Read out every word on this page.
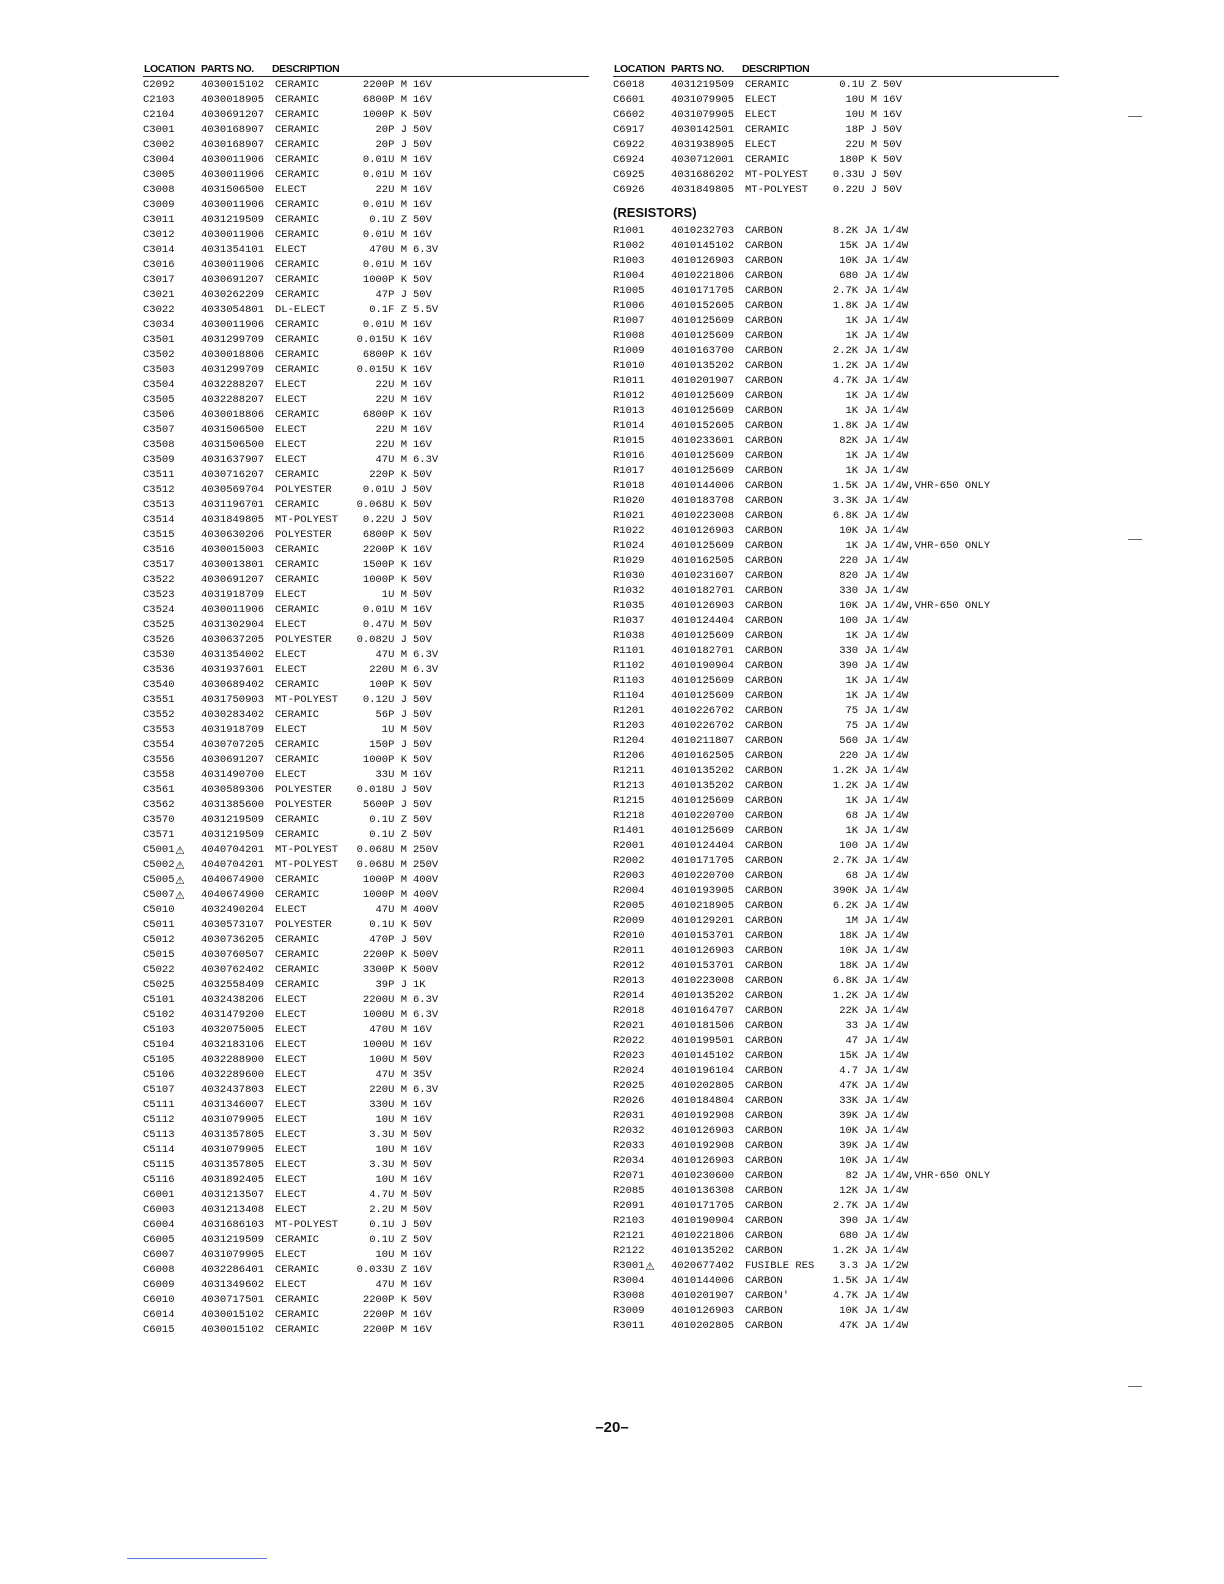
LOCATION PARTS NO. DESCRIPTION
C2092	4030015102 CERAMIC	2200P M 16V
C2103	4030018905 CERAMIC	6800P M 16V
C2104	4030691207 CERAMIC	1000P K 50V
C3001	4030168907 CERAMIC	20P J 50V
C3002	4030168907 CERAMIC	20P J 50V
C3004	4030011906 CERAMIC	0.01U M 16V
C3005	4030011906 CERAMIC	0.01U M 16V
C3008	4031506500 ELECT	22U M 16V
C3009	4030011906 CERAMIC	0.01U M 16V
C3011	4031219509 CERAMIC	0.1U Z 50V
C3012	4030011906 CERAMIC	0.01U M 16V
C3014	4031354101 ELECT	470U M 6.3V
C3016	4030011906 CERAMIC	0.01U M 16V
C3017	4030691207 CERAMIC	1000P K 50V
C3021	4030262209 CERAMIC	47P J 50V
C3022	4033054801 DL-ELECT	0.1F Z 5.5V
C3034	4030011906 CERAMIC	0.01U M 16V
C3501	4031299709 CERAMIC	0.015U K 16V
C3502	4030018806 CERAMIC	6800P K 16V
C3503	4031299709 CERAMIC	0.015U K 16V
C3504	4032288207 ELECT	22U M 16V
C3505	4032288207 ELECT	22U M 16V
C3506	4030018806 CERAMIC	6800P K 16V
C3507	4031506500 ELECT	22U M 16V
C3508	4031506500 ELECT	22U M 16V
C3509	4031637907 ELECT	47U M 6.3V
C3511	4030716207 CERAMIC	220P K 50V
C3512	4030569704 POLYESTER	0.01U J 50V
C3513	4031196701 CERAMIC	0.068U K 50V
C3514	4031849805 MT-POLYEST	0.22U J 50V
C3515	4030630206 POLYESTER	6800P K 50V
C3516	4030015003 CERAMIC	2200P K 16V
C3517	4030013801 CERAMIC	1500P K 16V
C3522	4030691207 CERAMIC	1000P K 50V
C3523	4031918709 ELECT	1U M 50V
C3524	4030011906 CERAMIC	0.01U M 16V
C3525	4031302904 ELECT	0.47U M 50V
C3526	4030637205 POLYESTER	0.082U J 50V
C3530	4031354002 ELECT	47U M 6.3V
C3536	4031937601 ELECT	220U M 6.3V
C3540	4030689402 CERAMIC	100P K 50V
C3551	4031750903 MT-POLYEST	0.12U J 50V
C3552	4030283402 CERAMIC	56P J 50V
C3553	4031918709 ELECT	1U M 50V
C3554	4030707205 CERAMIC	150P J 50V
C3556	4030691207 CERAMIC	1000P K 50V
C3558	4031490700 ELECT	33U M 16V
C3561	4030589306 POLYESTER	0.018U J 50V
C3562	4031385600 POLYESTER	5600P J 50V
C3570	4031219509 CERAMIC	0.1U Z 50V
C3571	4031219509 CERAMIC	0.1U Z 50V
C5001 ⚠ 4040704201 MT-POLYEST	0.068U M 250V
C5002 ⚠ 4040704201 MT-POLYEST	0.068U M 250V
C5005 ⚠ 4040674900 CERAMIC	1000P M 400V
C5007 ⚠ 4040674900 CERAMIC	1000P M 400V
C5010	4032490204 ELECT	47U M 400V
C5011	4030573107 POLYESTER	0.1U K 50V
C5012	4030736205 CERAMIC	470P J 50V
C5015	4030760507 CERAMIC	2200P K 500V
C5022	4030762402 CERAMIC	3300P K 500V
C5025	4032558409 CERAMIC	39P J 1K
C5101	4032438206 ELECT	2200U M 6.3V
C5102	4031479200 ELECT	1000U M 6.3V
C5103	4032075005 ELECT	470U M 16V
C5104	4032183106 ELECT	1000U M 16V
C5105	4032288900 ELECT	100U M 50V
C5106	4032289600 ELECT	47U M 35V
C5107	4032437803 ELECT	220U M 6.3V
C5111	4031346007 ELECT	330U M 16V
C5112	4031079905 ELECT	10U M 16V
C5113	4031357805 ELECT	3.3U M 50V
C5114	4031079905 ELECT	10U M 16V
C5115	4031357805 ELECT	3.3U M 50V
C5116	4031892405 ELECT	10U M 16V
C6001	4031213507 ELECT	4.7U M 50V
C6003	4031213408 ELECT	2.2U M 50V
C6004	4031686103 MT-POLYEST	0.1U J 50V
C6005	4031219509 CERAMIC	0.1U Z 50V
C6007	4031079905 ELECT	10U M 16V
C6008	4032286401 CERAMIC	0.033U Z 16V
C6009	4031349602 ELECT	47U M 16V
C6010	4030717501 CERAMIC	2200P K 50V
C6014	4030015102 CERAMIC	2200P M 16V
C6015	4030015102 CERAMIC	2200P M 16V
LOCATION PARTS NO. DESCRIPTION
C6018	4031219509 CERAMIC	0.1U Z 50V
C6601	4031079905 ELECT	10U M 16V
C6602	4031079905 ELECT	10U M 16V
C6917	4030142501 CERAMIC	18P J 50V
C6922	4031938905 ELECT	22U M 50V
C6924	4030712001 CERAMIC	180P K 50V
C6925	4031686202 MT-POLYEST	0.33U J 50V
C6926	4031849805 MT-POLYEST	0.22U J 50V
(RESISTORS)
R1001	4010232703 CARBON	8.2K JA 1/4W
R1002	4010145102 CARBON	15K JA 1/4W
R1003	4010126903 CARBON	10K JA 1/4W
R1004	4010221806 CARBON	680 JA 1/4W
R1005	4010171705 CARBON	2.7K JA 1/4W
R1006	4010152605 CARBON	1.8K JA 1/4W
R1007	4010125609 CARBON	1K JA 1/4W
R1008	4010125609 CARBON	1K JA 1/4W
R1009	4010163700 CARBON	2.2K JA 1/4W
R1010	4010135202 CARBON	1.2K JA 1/4W
R1011	4010201907 CARBON	4.7K JA 1/4W
R1012	4010125609 CARBON	1K JA 1/4W
R1013	4010125609 CARBON	1K JA 1/4W
R1014	4010152605 CARBON	1.8K JA 1/4W
R1015	4010233601 CARBON	82K JA 1/4W
R1016	4010125609 CARBON	1K JA 1/4W
R1017	4010125609 CARBON	1K JA 1/4W
R1018	4010144006 CARBON	1.5K JA 1/4W,VHR-650 ONLY
R1020	4010183708 CARBON	3.3K JA 1/4W
R1021	4010223008 CARBON	6.8K JA 1/4W
R1022	4010126903 CARBON	10K JA 1/4W
R1024	4010125609 CARBON	1K JA 1/4W,VHR-650 ONLY
R1029	4010162505 CARBON	220 JA 1/4W
R1030	4010231607 CARBON	820 JA 1/4W
R1032	4010182701 CARBON	330 JA 1/4W
R1035	4010126903 CARBON	10K JA 1/4W,VHR-650 ONLY
R1037	4010124404 CARBON	100 JA 1/4W
R1038	4010125609 CARBON	1K JA 1/4W
R1101	4010182701 CARBON	330 JA 1/4W
R1102	4010190904 CARBON	390 JA 1/4W
R1103	4010125609 CARBON	1K JA 1/4W
R1104	4010125609 CARBON	1K JA 1/4W
R1201	4010226702 CARBON	75 JA 1/4W
R1203	4010226702 CARBON	75 JA 1/4W
R1204	4010211807 CARBON	560 JA 1/4W
R1206	4010162505 CARBON	220 JA 1/4W
R1211	4010135202 CARBON	1.2K JA 1/4W
R1213	4010135202 CARBON	1.2K JA 1/4W
R1215	4010125609 CARBON	1K JA 1/4W
R1218	4010220700 CARBON	68 JA 1/4W
R1401	4010125609 CARBON	1K JA 1/4W
R2001	4010124404 CARBON	100 JA 1/4W
R2002	4010171705 CARBON	2.7K JA 1/4W
R2003	4010220700 CARBON	68 JA 1/4W
R2004	4010193905 CARBON	390K JA 1/4W
R2005	4010218905 CARBON	6.2K JA 1/4W
R2009	4010129201 CARBON	1M JA 1/4W
R2010	4010153701 CARBON	18K JA 1/4W
R2011	4010126903 CARBON	10K JA 1/4W
R2012	4010153701 CARBON	18K JA 1/4W
R2013	4010223008 CARBON	6.8K JA 1/4W
R2014	4010135202 CARBON	1.2K JA 1/4W
R2018	4010164707 CARBON	22K JA 1/4W
R2021	4010181506 CARBON	33 JA 1/4W
R2022	4010199501 CARBON	47 JA 1/4W
R2023	4010145102 CARBON	15K JA 1/4W
R2024	4010196104 CARBON	4.7 JA 1/4W
R2025	4010202805 CARBON	47K JA 1/4W
R2026	4010184804 CARBON	33K JA 1/4W
R2031	4010192908 CARBON	39K JA 1/4W
R2032	4010126903 CARBON	10K JA 1/4W
R2033	4010192908 CARBON	39K JA 1/4W
R2034	4010126903 CARBON	10K JA 1/4W
R2071	4010230600 CARBON	82 JA 1/4W,VHR-650 ONLY
R2085	4010136308 CARBON	12K JA 1/4W
R2091	4010171705 CARBON	2.7K JA 1/4W
R2103	4010190904 CARBON	390 JA 1/4W
R2121	4010221806 CARBON	680 JA 1/4W
R2122	4010135202 CARBON	1.2K JA 1/4W
R3001 ⚠ 4020677402 FUSIBLE RES	3.3 JA 1/2W
R3004	4010144006 CARBON	1.5K JA 1/4W
R3008	4010201907 CARBON'	4.7K JA 1/4W
R3009	4010126903 CARBON	10K JA 1/4W
R3011	4010202805 CARBON	47K JA 1/4W
–20–
